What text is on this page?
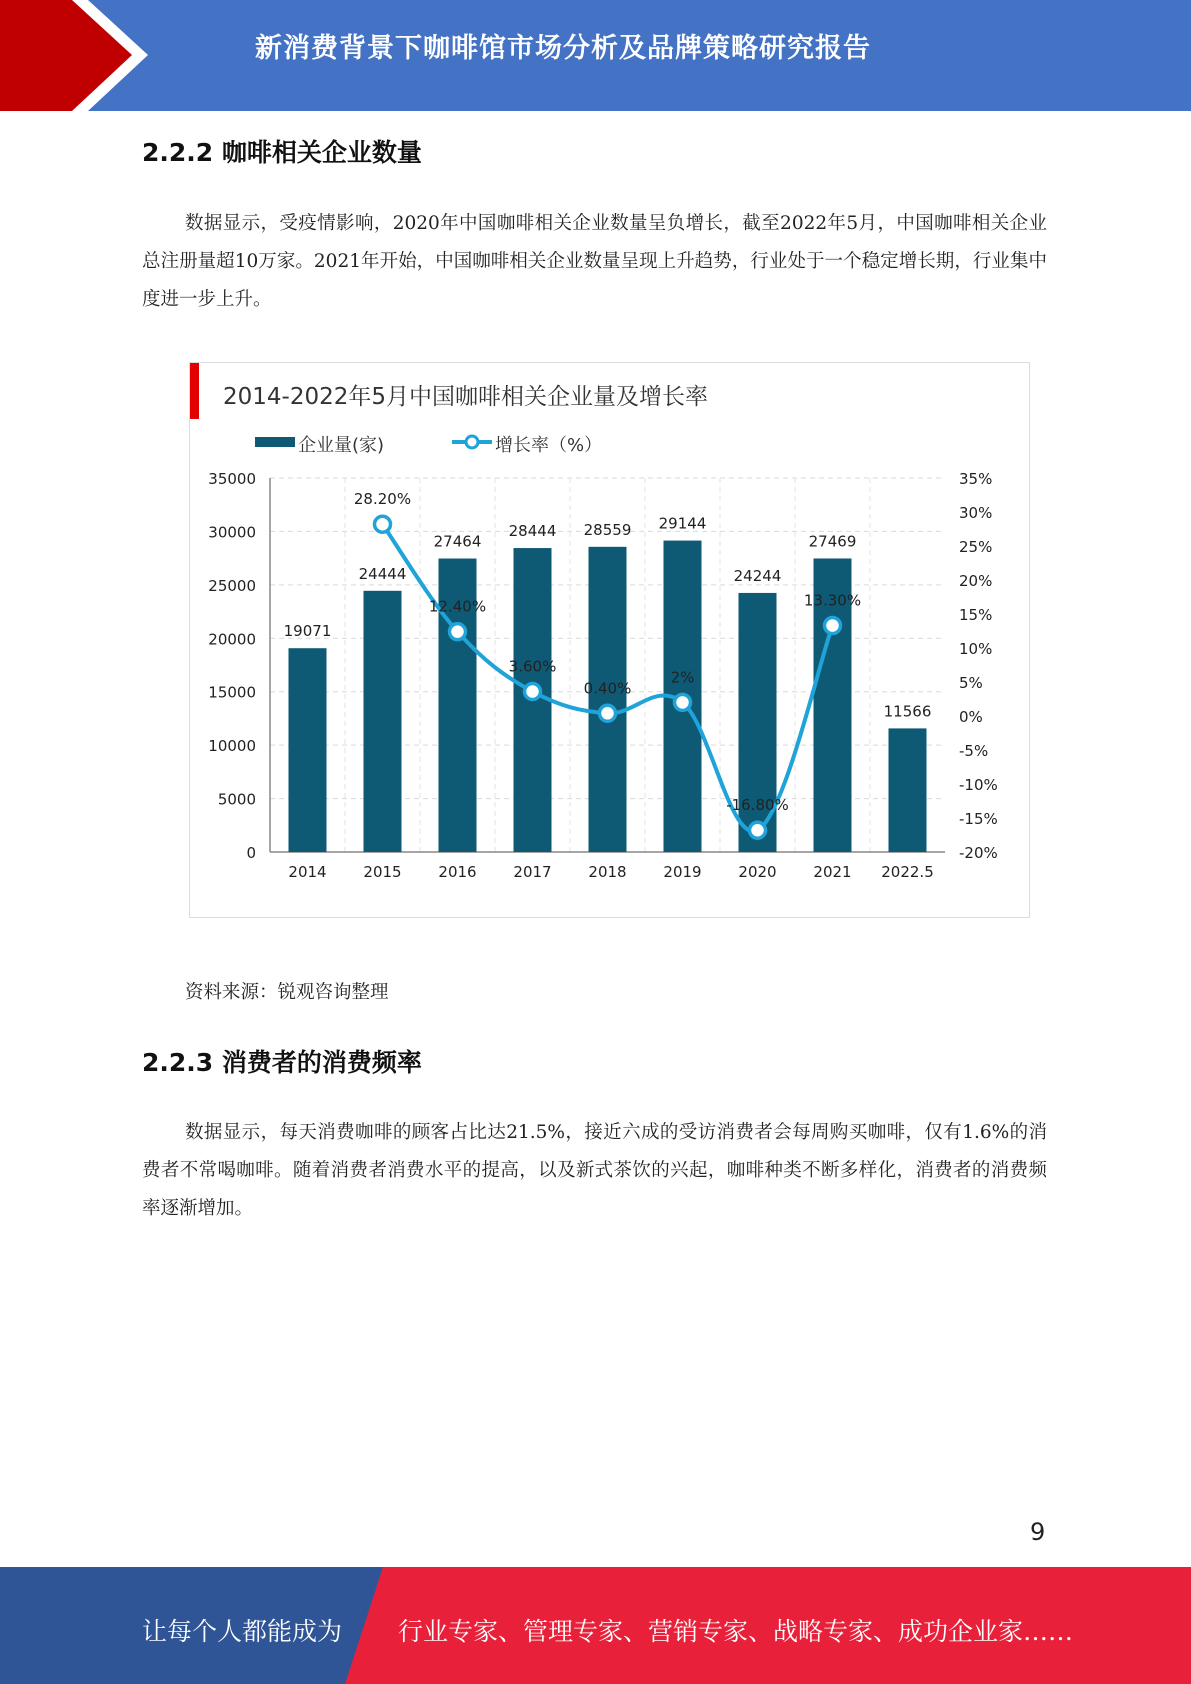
新消费背景下咖啡馆市场分析及品牌策略研究报告
2.2.2 咖啡相关企业数量
数据显示，受疫情影响，2020年中国咖啡相关企业数量呈负增长，截至2022年5月，中国咖啡相关企业总注册量超10万家。2021年开始，中国咖啡相关企业数量呈现上升趋势，行业处于一个稳定增长期，行业集中度进一步上升。
2014-2022年5月中国咖啡相关企业量及增长率
企业量(家)	增长率（%）
0
5000
10000
15000
20000
25000
30000
35000
-20%
-15%
-10%
-5%
0%
5%
10%
15%
20%
25%
30%
35%
2014 2015 2016 2017 2018 2019 2020 2021 2022.5
19071
24444
27464
28444 28559 29144
24244
27469
11566
28.20%
12.40%
3.60%
0.40%
2%
-16.80%
13.30%
资料来源：锐观咨询整理
2.2.3 消费者的消费频率
数据显示，每天消费咖啡的顾客占比达21.5%，接近六成的受访消费者会每周购买咖啡，仅有1.6%的消费者不常喝咖啡。随着消费者消费水平的提高，以及新式茶饮的兴起，咖啡种类不断多样化，消费者的消费频率逐渐增加。
9
让每个人都能成为 行业专家、管理专家、营销专家、战略专家、成功企业家……
